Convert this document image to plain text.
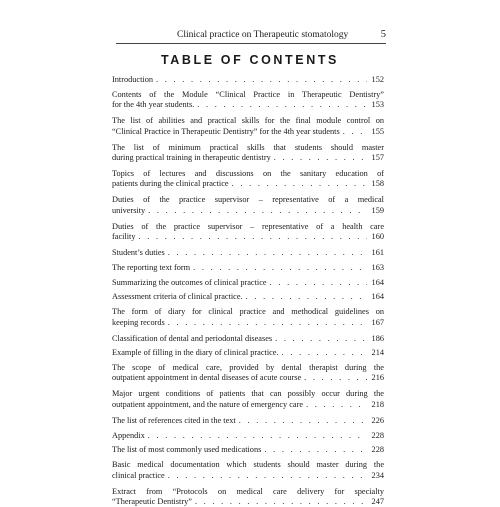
Clinical practice on Therapeutic stomatology	5
TABLE OF CONTENTS
Introduction . . .	152
Contents of the Module “Clinical Practice in Therapeutic Dentistry”
for the 4th year students. . . .	153
The list of abilities and practical skills for the final module control on
“Clinical Practice in Therapeutic Dentistry” for the 4th year students . . .	155
The list of minimum practical skills that students should master
during practical training in therapeutic dentistry . . .	157
Topics of lectures and discussions on the sanitary education of
patients during the clinical practice . . .	158
Duties of the practice supervisor – representative of a medical
university . . .	159
Duties of the practice supervisor – representative of a health care
facility . . .	160
Student’s duties . . .	161
The reporting text form . . .	163
Summarizing the outcomes of clinical practice . . .	164
Assessment criteria of clinical practice. . . .	164
The form of diary for clinical practice and methodical guidelines on
keeping records . . .	167
Classification of dental and periodontal diseases . . .	186
Example of filling in the diary of clinical practice. . . .	214
The scope of medical care, provided by dental therapist during the
outpatient appointment in dental diseases of acute course . . .	216
Major urgent conditions of patients that can possibly occur during the
outpatient appointment, and the nature of emergency care . . .	218
The list of references cited in the text . . .	226
Appendix . . .	228
The list of most commonly used medications . . .	228
Basic medical documentation which students should master during the
clinical practice . . .	234
Extract from “Protocols on medical care delivery for specialty
“Therapeutic Dentistry” . . .	247
